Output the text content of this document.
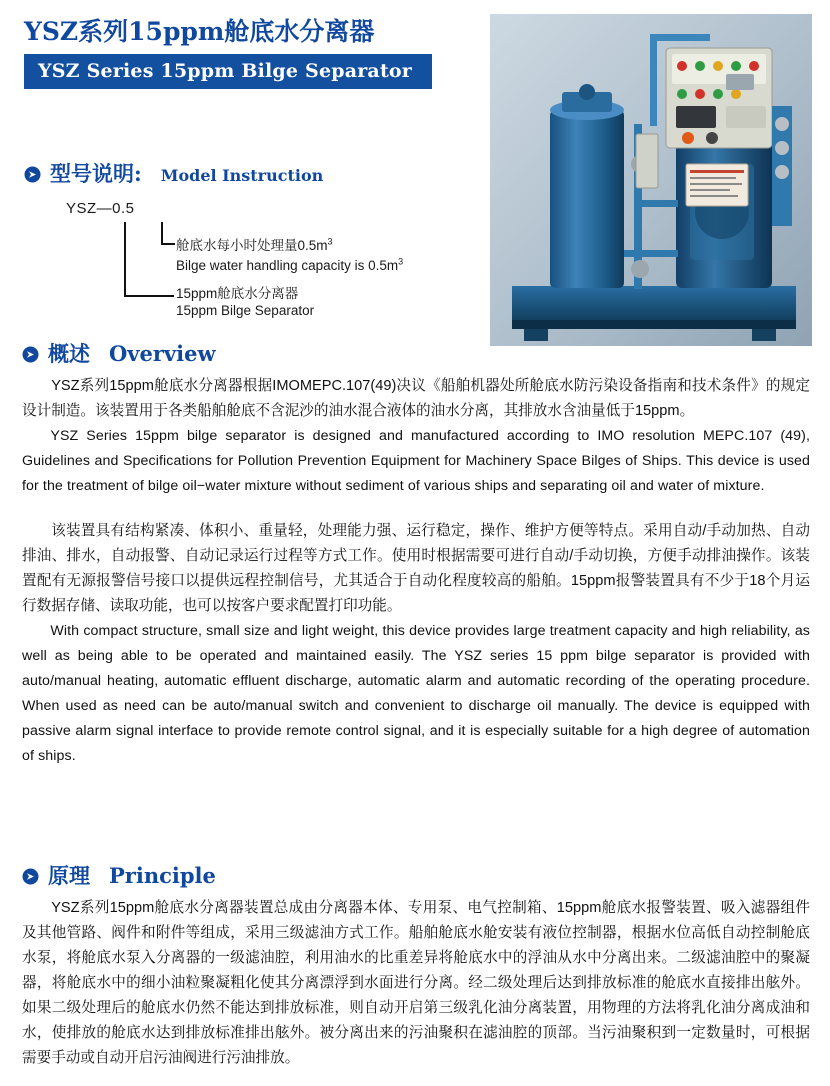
YSZ系列15ppm舱底水分离器
YSZ Series 15ppm Bilge Separator
型号说明: Model Instruction
YSZ—0.5
舱底水每小时处理量$0.5m^3$
Bilge water handling capacity is $0.5m^3$
15ppm舱底水分离器
15ppm Bilge Separator
概述 Overview

YSZ系列15ppm舱底水分离器根据IMOMEPC.107(49)决议《船舶机器处所舱底水防污染设备指南和技术条件》的规定设计制造。该装置用于各类船舶舱底不含泥沙的油水混合液体的油水分离，其排放水含油量低于15ppm。

YSZ Series 15ppm bilge separator is designed and manufactured according to IMO resolution MEPC.107 (49), Guidelines and Specifications for Pollution Prevention Equipment for Machinery Space Bilges of Ships. This device is used for the treatment of bilge oil−water mixture without sediment of various ships and separating oil and water of mixture.

该装置具有结构紧凑、体积小、重量轻，处理能力强、运行稳定，操作、维护方便等特点。采用自动/手动加热、自动排油、排水，自动报警、自动记录运行过程等方式工作。使用时根据需要可进行自动/手动切换，方便手动排油操作。该装置配有无源报警信号接口以提供远程控制信号，尤其适合于自动化程度较高的船舶。15ppm报警装置具有不少于18个月运行数据存储、读取功能，也可以按客户要求配置打印功能。

With compact structure, small size and light weight, this device provides large treatment capacity and high reliability, as well as being able to be operated and maintained easily. The YSZ series 15 ppm bilge separator is provided with auto/manual heating, automatic effluent discharge, automatic alarm and automatic recording of the operating procedure. When used as need can be auto/manual switch and convenient to discharge oil manually. The device is equipped with passive alarm signal interface to provide remote control signal, and it is especially suitable for a high degree of automation of ships.

原理 Principle

YSZ系列15ppm舱底水分离器装置总成由分离器本体、专用泵、电气控制箱、15ppm舱底水报警装置、吸入滤器组件及其他管路、阀件和附件等组成，采用三级滤油方式工作。船舶舱底水舱安装有液位控制器，根据水位高低自动控制舱底水泵，将舱底水泵入分离器的一级滤油腔，利用油水的比重差异将舱底水中的浮油从水中分离出来。二级滤油腔中的聚凝器，将舱底水中的细小油粒聚凝粗化使其分离漂浮到水面进行分离。经二级处理后达到排放标准的舱底水直接排出舷外。如果二级处理后的舱底水仍然不能达到排放标准，则自动开启第三级乳化油分离装置，用物理的方法将乳化油分离成油和水，使排放的舱底水达到排放标准排出舷外。被分离出来的污油聚积在滤油腔的顶部。当污油聚积到一定数量时，可根据需要手动或自动开启污油阀进行污油排放。
